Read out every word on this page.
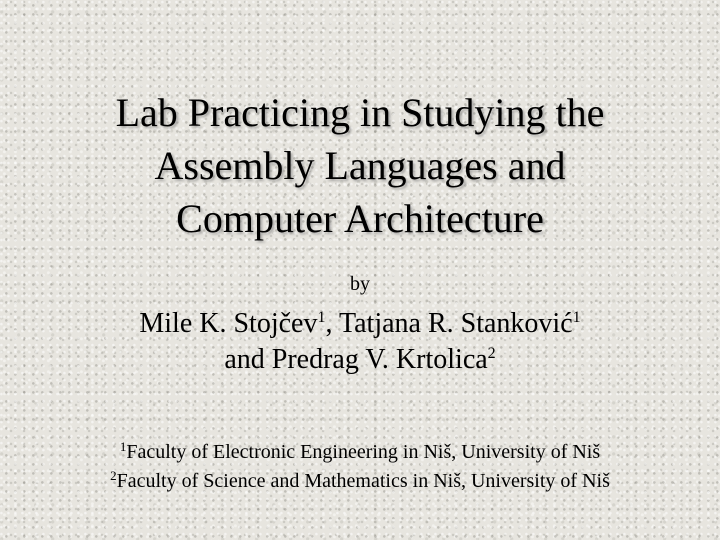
Lab Practicing in Studying the
Assembly Languages and
Computer Architecture
by
Mile K. Stojčev$^1$, Tatjana R. Stanković$^1$
and Predrag V. Krtolica$^2$
$^1$Faculty of Electronic Engineering in Niš, University of Niš
$^2$Faculty of Science and Mathematics in Niš, University of Niš
